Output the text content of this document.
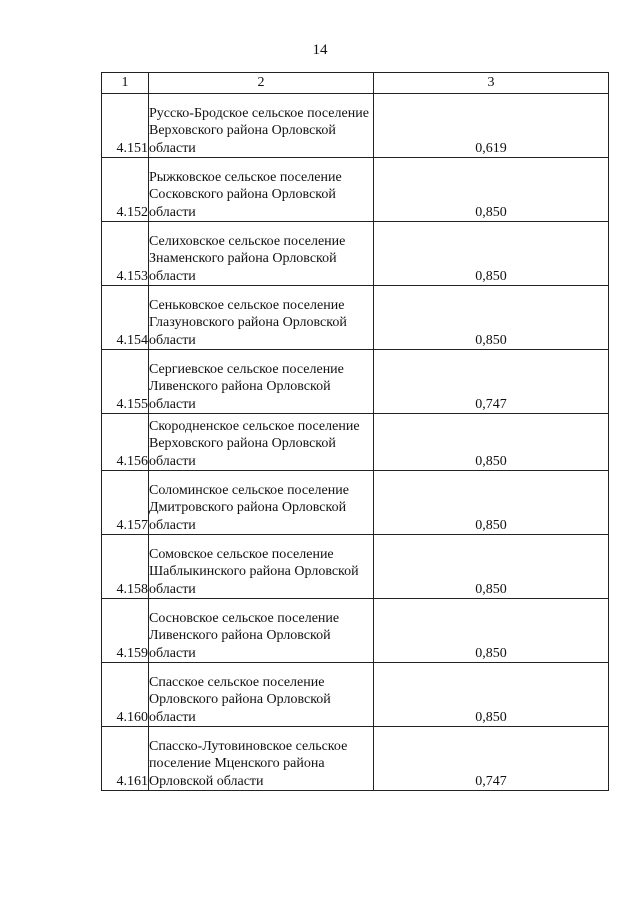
14
1	2	3
4.151	Русско-Бродское сельское поселение Верховского района Орловской области	0,619
4.152	Рыжковское сельское поселение Сосковского района Орловской области	0,850
4.153	Селиховское сельское поселение Знаменского района Орловской области	0,850
4.154	Сеньковское сельское поселение Глазуновского района Орловской области	0,850
4.155	Сергиевское сельское поселение Ливенского района Орловской области	0,747
4.156	Скородненское сельское поселение Верховского района Орловской области	0,850
4.157	Соломинское сельское поселение Дмитровского района Орловской области	0,850
4.158	Сомовское сельское поселение Шаблыкинского района Орловской области	0,850
4.159	Сосновское сельское поселение Ливенского района Орловской области	0,850
4.160	Спасское сельское поселение Орловского района Орловской области	0,850
4.161	Спасско-Лутовиновское сельское поселение Мценского района Орловской области	0,747
